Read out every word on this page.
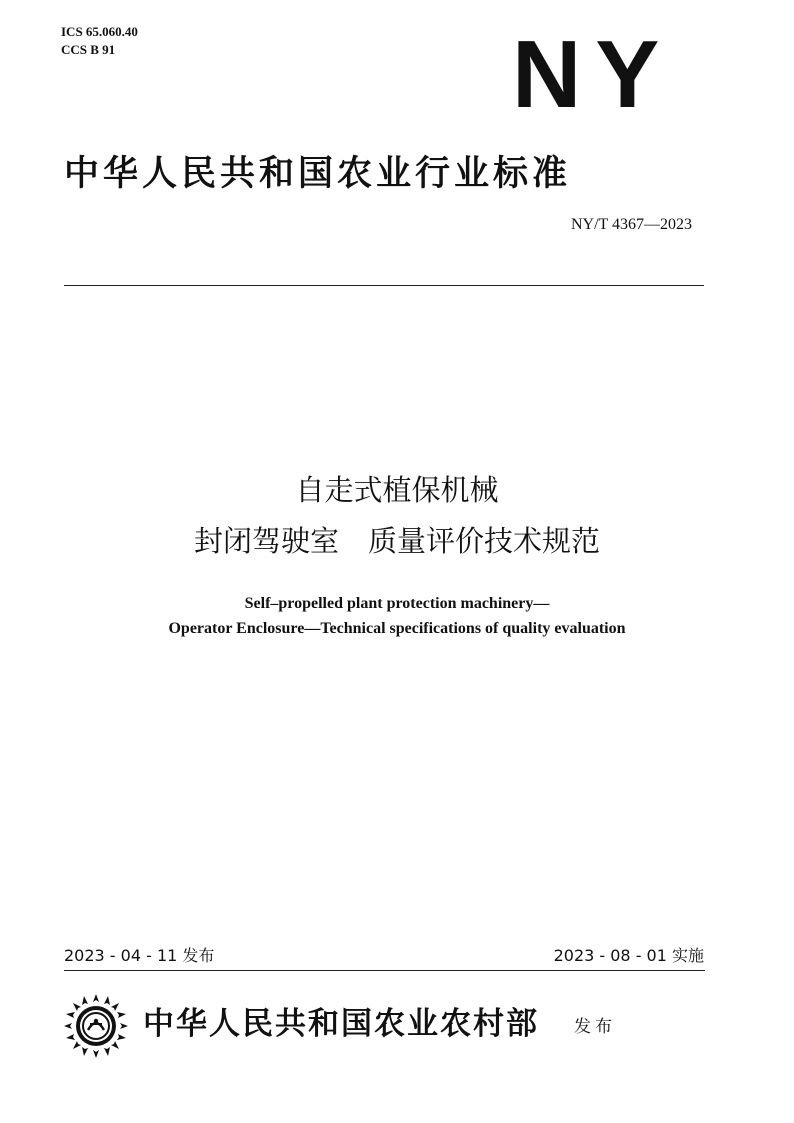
ICS 65.060.40
CCS B 91	NY
中华人民共和国农业行业标准
NY/T 4367—2023
自走式植保机械
封闭驾驶室　质量评价技术规范
Self–propelled plant protection machinery—
Operator Enclosure—Technical specifications of quality evaluation
2023 - 04 - 11 发布	2023 - 08 - 01 实施
中华人民共和国农业农村部 发布
